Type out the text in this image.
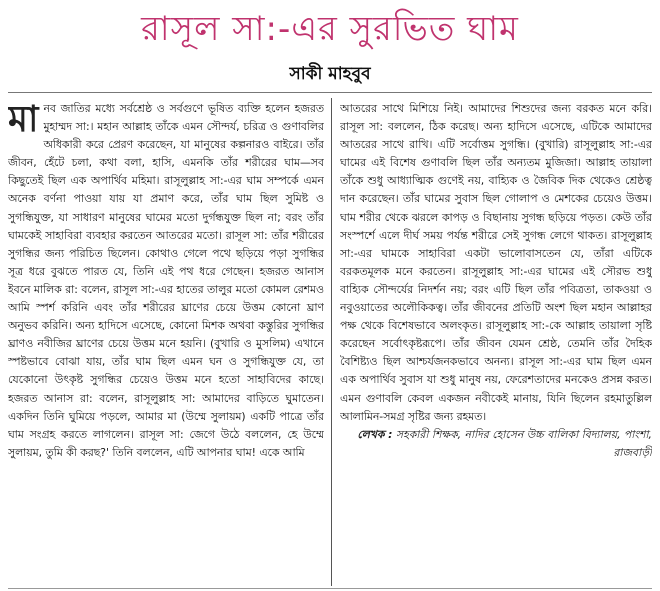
রাসূল সা:-এর সুরভিত ঘাম
সাকী মাহবুব
মা নব জাতির মধ্যে সর্বশ্রেষ্ঠ ও সর্বগুণে ভূষিত ব্যক্তি হলেন হজরত মুহাম্মদ সা:। মহান আল্লাহ তাঁকে এমন সৌন্দর্য, চরিত্র ও গুণাবলির অধিকারী করে প্রেরণ করেছেন, যা মানুষের কল্পনারও বাইরে। তাঁর জীবন, হেঁটে চলা, কথা বলা, হাসি, এমনকি তাঁর শরীরের ঘাম—সব কিছুতেই ছিল এক অপার্থিব মহিমা। রাসূলুল্লাহ সা:-এর ঘাম সম্পর্কে এমন অনেক বর্ণনা পাওয়া যায় যা প্রমাণ করে, তাঁর ঘাম ছিল সুমিষ্ট ও সুগন্ধিযুক্ত, যা সাধারণ মানুষের ঘামের মতো দুর্গন্ধযুক্ত ছিল না; বরং তাঁর ঘামকেই সাহাবিরা ব্যবহার করতেন আতরের মতো। রাসূল সা: তাঁর শরীরের সুগন্ধির জন্য পরিচিত ছিলেন। কোথাও গেলে পথে ছড়িয়ে পড়া সুগন্ধির সূত্র ধরে বুঝতে পারত যে, তিনি এই পথ ধরে গেছেন। হজরত আনাস ইবনে মালিক রা: বলেন, রাসূল সা:-এর হাতের তালুর মতো কোমল রেশমও আমি স্পর্শ করিনি এবং তাঁর শরীরের ঘ্রাণের চেয়ে উত্তম কোনো ঘ্রাণ অনুভব করিনি। অন্য হাদিসে এসেছে, কোনো মিশক অথবা কস্তুরির সুগন্ধির ঘ্রাণও নবীজির ঘ্রাণের চেয়ে উত্তম মনে হয়নি। (বুখারি ও মুসলিম) এখানে স্পষ্টভাবে বোঝা যায়, তাঁর ঘাম ছিল এমন ঘন ও সুগন্ধিযুক্ত যে, তা যেকোনো উৎকৃষ্ট সুগন্ধির চেয়েও উত্তম মনে হতো সাহাবিদের কাছে। হজরত আনাস রা: বলেন, রাসূলুল্লাহ সা: আমাদের বাড়িতে ঘুমাতেন। একদিন তিনি ঘুমিয়ে পড়লে, আমার মা (উম্মে সুলায়ম) একটি পাত্রে তাঁর ঘাম সংগ্রহ করতে লাগলেন। রাসূল সা: জেগে উঠে বললেন, হে উম্মে সুলায়ম, তুমি কী করছ?' তিনি বললেন, এটি আপনার ঘাম! একে আমি

আতরের সাথে মিশিয়ে নিই। আমাদের শিশুদের জন্য বরকত মনে করি। রাসূল সা: বললেন, ঠিক করেছ। অন্য হাদিসে এসেছে, এটিকে আমাদের আতরের সাথে রাখি। এটি সর্বোত্তম সুগন্ধি। (বুখারি) রাসূলুল্লাহ সা:-এর ঘামের এই বিশেষ গুণাবলি ছিল তাঁর অন্যতম মুজিজা। আল্লাহ তায়ালা তাঁকে শুধু আধ্যাত্মিক গুণেই নয়, বাহ্যিক ও জৈবিক দিক থেকেও শ্রেষ্ঠত্ব দান করেছেন। তাঁর ঘামের সুবাস ছিল গোলাপ ও মেশকের চেয়েও উত্তম। ঘাম শরীর থেকে ঝরলে কাপড় ও বিছানায় সুগন্ধ ছড়িয়ে পড়ত। কেউ তাঁর সংস্পর্শে এলে দীর্ঘ সময় পর্যন্ত শরীরে সেই সুগন্ধ লেগে থাকত। রাসূলুল্লাহ সা:-এর ঘামকে সাহাবিরা একটা ভালোবাসতেন যে, তাঁরা এটিকে বরকতমূলক মনে করতেন। রাসূলুল্লাহ সা:-এর ঘামের এই সৌরভ শুধু বাহ্যিক সৌন্দর্যের নিদর্শন নয়; বরং এটি ছিল তাঁর পবিত্রতা, তাকওয়া ও নবুওয়াতের অলৌকিকত্ব। তাঁর জীবনের প্রতিটি অংশ ছিল মহান আল্লাহর পক্ষ থেকে বিশেষভাবে অলংকৃত। রাসূলুল্লাহ সা:-কে আল্লাহ তায়ালা সৃষ্টি করেছেন সর্বোৎকৃষ্টরূপে। তাঁর জীবন যেমন শ্রেষ্ঠ, তেমনি তাঁর দৈহিক বৈশিষ্ট্যও ছিল আশ্চর্যজনকভাবে অনন্য। রাসূল সা:-এর ঘাম ছিল এমন এক অপার্থিব সুবাস যা শুধু মানুষ নয়, ফেরেশতাদের মনকেও প্রসন্ন করত। এমন গুণাবলি কেবল একজন নবীকেই মানায়, যিনি ছিলেন রহমাতুল্লিল আলামিন-সমগ্র সৃষ্টির জন্য রহমত।

লেখক : সহকারী শিক্ষক, নাদির হোসেন উচ্চ বালিকা বিদ্যালয়, পাংশা, রাজবাড়ী
